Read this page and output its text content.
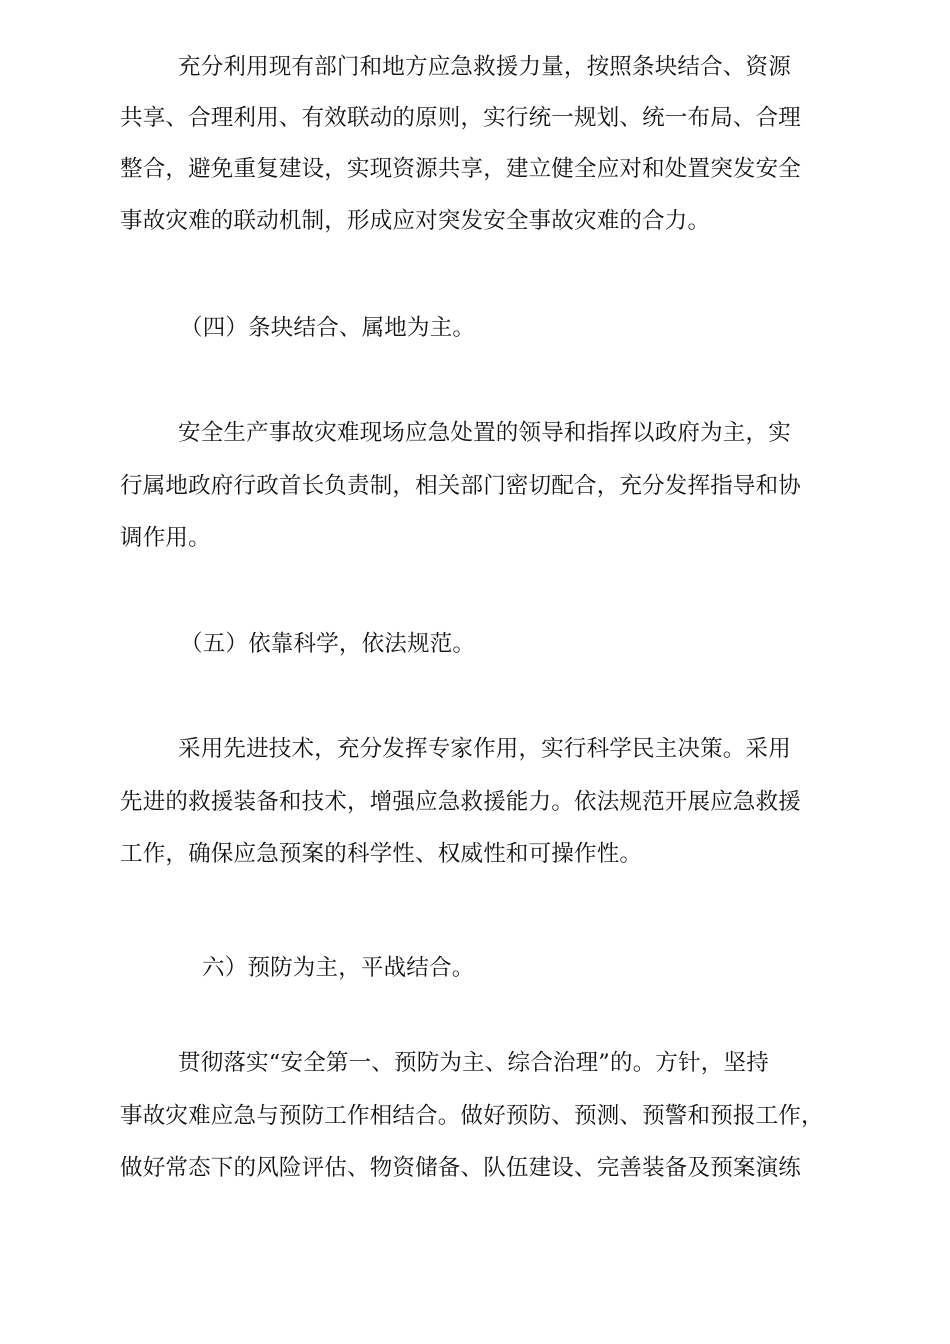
充分利用现有部门和地方应急救援力量，按照条块结合、资源
共享、合理利用、有效联动的原则，实行统一规划、统一布局、合理
整合，避免重复建设，实现资源共享，建立健全应对和处置突发安全
事故灾难的联动机制，形成应对突发安全事故灾难的合力。
（四）条块结合、属地为主。
安全生产事故灾难现场应急处置的领导和指挥以政府为主，实
行属地政府行政首长负责制，相关部门密切配合，充分发挥指导和协
调作用。
（五）依靠科学，依法规范。
采用先进技术，充分发挥专家作用，实行科学民主决策。采用
先进的救援装备和技术，增强应急救援能力。依法规范开展应急救援
工作，确保应急预案的科学性、权威性和可操作性。
六）预防为主，平战结合。
贯彻落实“安全第一、预防为主、综合治理”的。方针，坚持
事故灾难应急与预防工作相结合。做好预防、预测、预警和预报工作，
做好常态下的风险评估、物资储备、队伍建设、完善装备及预案演练
